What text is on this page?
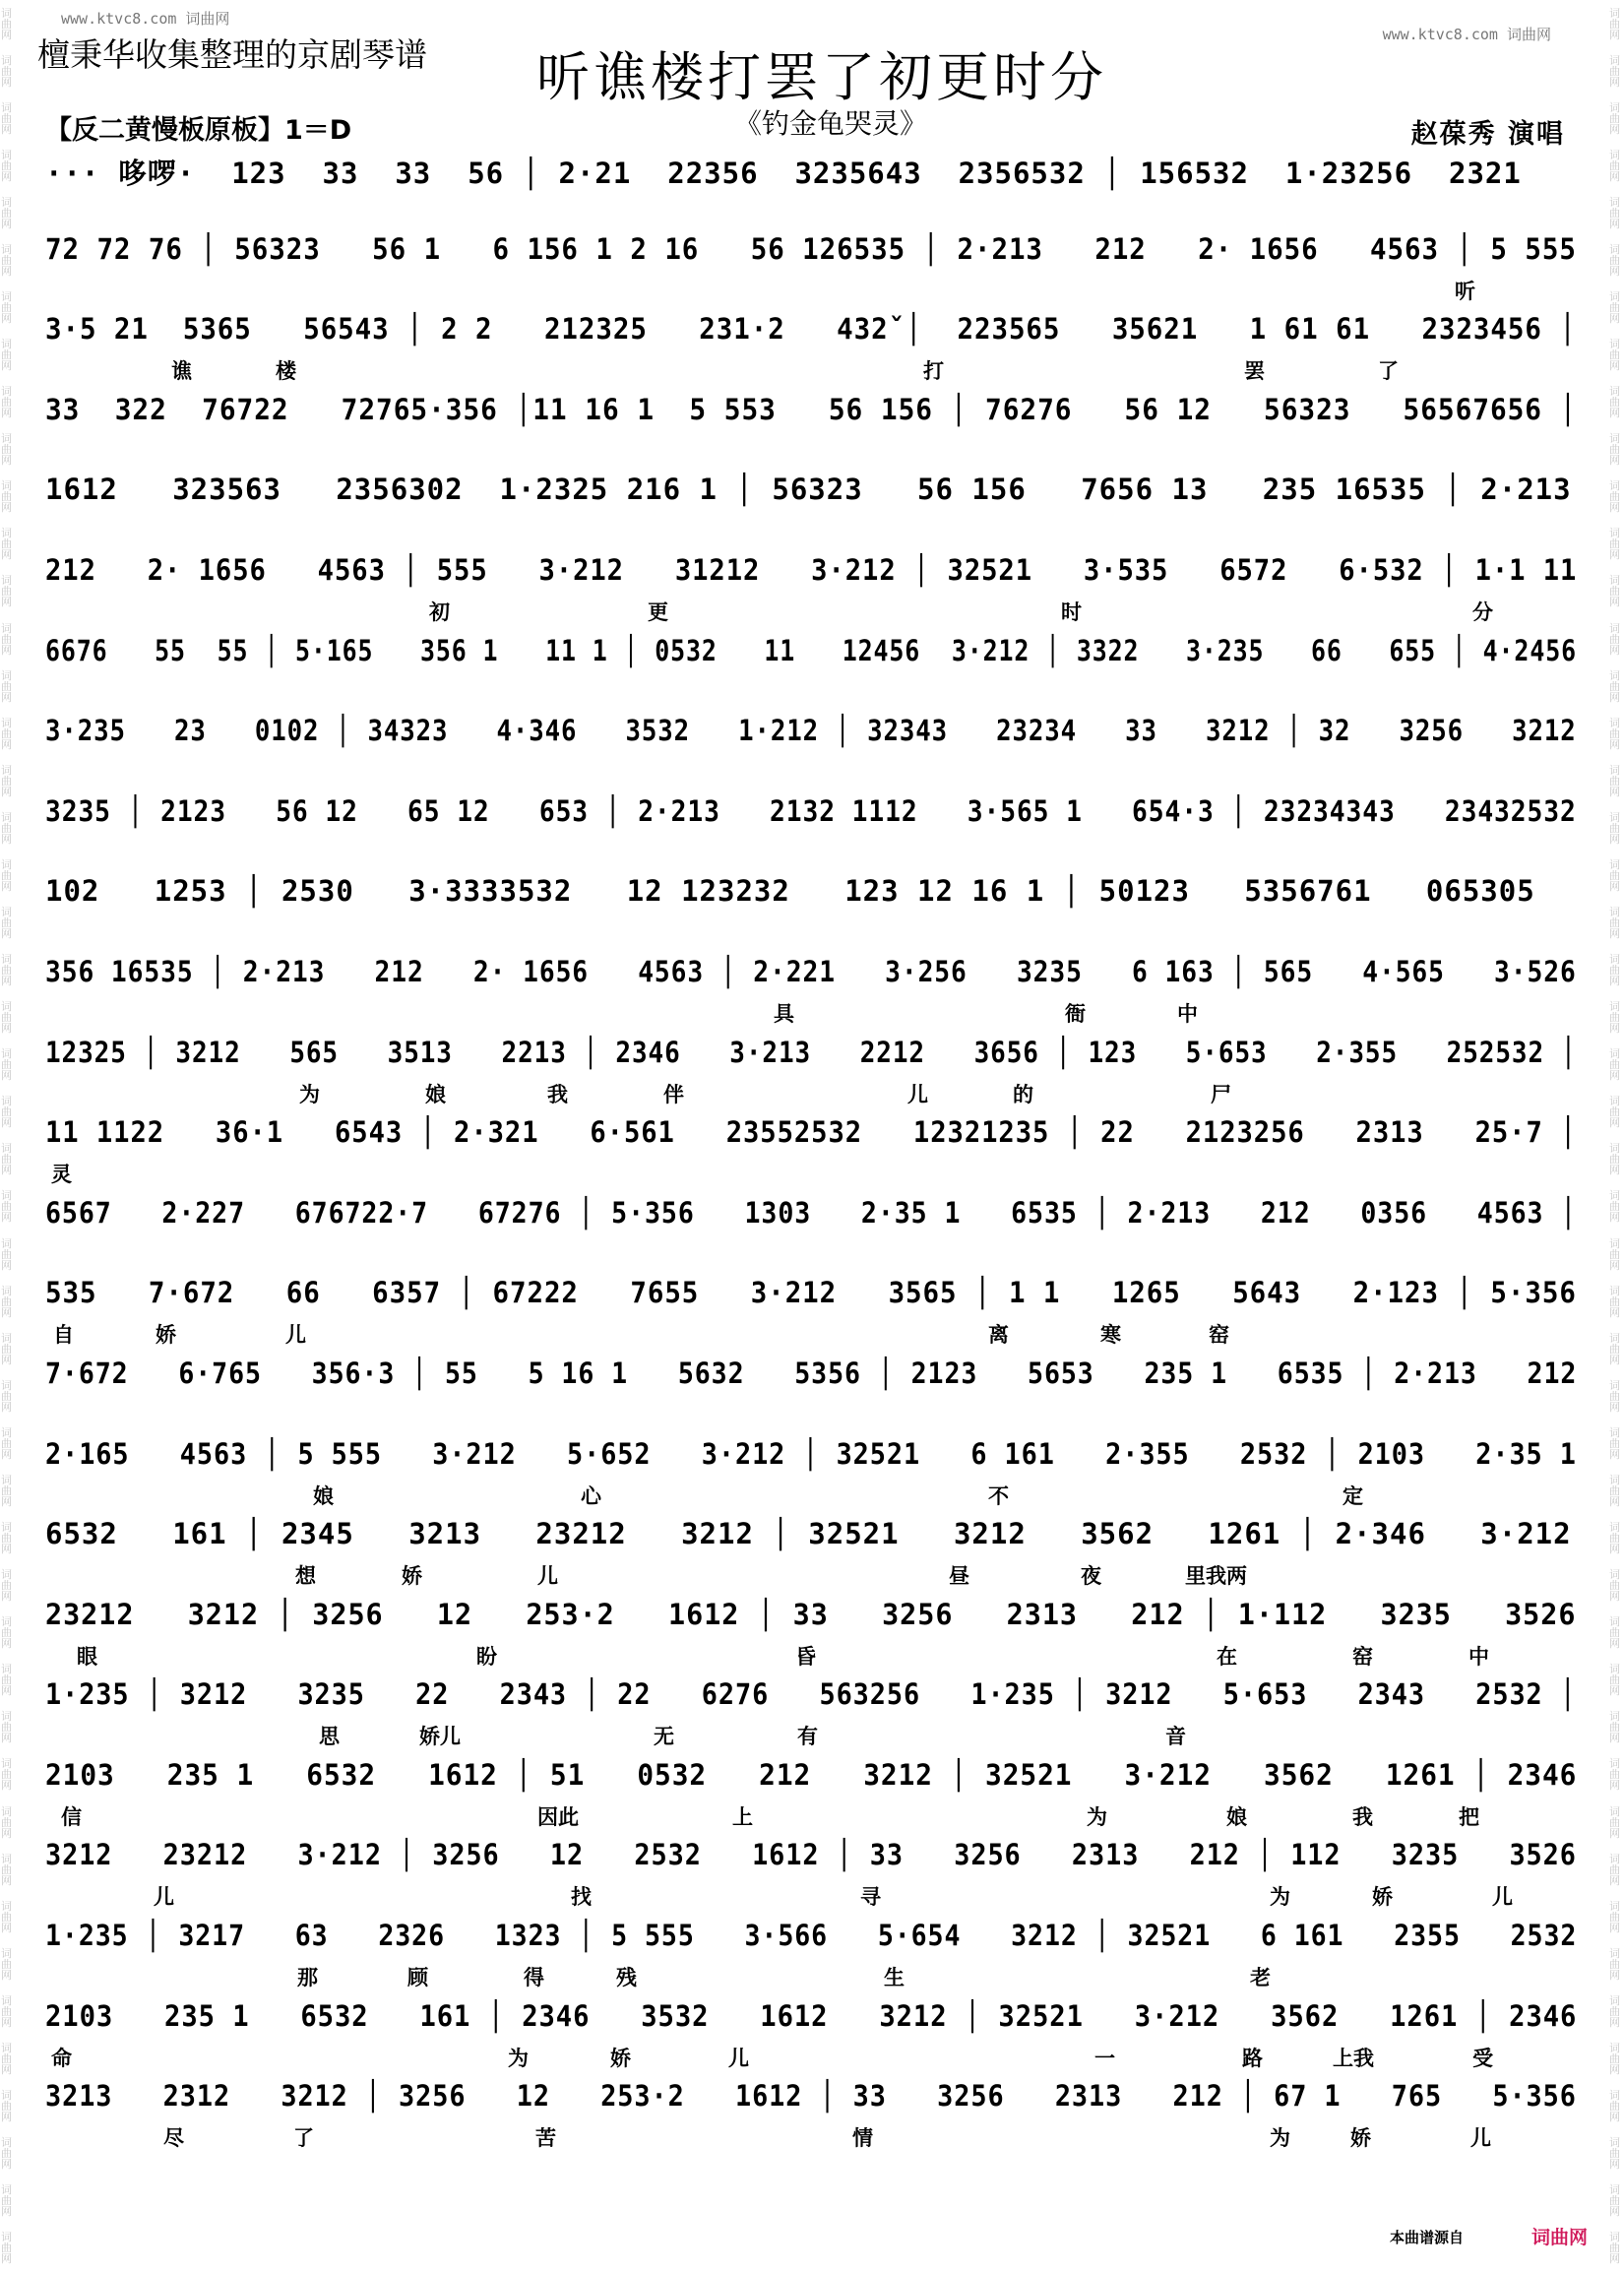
词曲网
词曲网
词曲网
词曲网
词曲网
词曲网
词曲网
词曲网
词曲网
词曲网
词曲网
词曲网
词曲网
词曲网
词曲网
词曲网
词曲网
词曲网
词曲网
词曲网
词曲网
词曲网
词曲网
词曲网
词曲网
词曲网
词曲网
词曲网
词曲网
词曲网
词曲网
词曲网
词曲网
词曲网
词曲网
词曲网
词曲网
词曲网
词曲网
词曲网
词曲网
词曲网
词曲网
词曲网
词曲网
词曲网
词曲网
词曲网
词曲网
词曲网
词曲网
词曲网
词曲网
词曲网
词曲网
词曲网
词曲网
词曲网
词曲网
词曲网
词曲网
词曲网
词曲网
词曲网
词曲网
词曲网
词曲网
词曲网
词曲网
词曲网
词曲网
词曲网
词曲网
词曲网
词曲网
词曲网
词曲网
词曲网
词曲网
词曲网
词曲网
词曲网
词曲网
词曲网
词曲网
词曲网
词曲网
词曲网
词曲网
词曲网
词曲网
词曲网
词曲网
词曲网
词曲网
词曲网
www.ktvc8.com 词曲网
www.ktvc8.com 词曲网
檀秉华收集整理的京剧琴谱 听谯楼打罢了初更时分
【反二黄慢板原板】1＝D	《钓金龟哭灵》	赵葆秀 演唱
··· 哆啰·  123  33  33  56 │ 2·21  22356  3235643  2356532 │ 156532  1·23256  2321
72 72 76 │ 56323   56 1   6 156 1 2 16   56 126535 │ 2·213   212   2· 1656   4563 │ 5 555
听
3·5 21  5365   56543 │ 2 2   212325   231·2   432ˇ│  223565   35621   1 61 61   2323456 │
谯	楼	打	罢	了
33  322  76722   72765·356 │11 16 1  5 553   56 156 │ 76276   56 12   56323   56567656 │
1612   323563   2356302  1·2325 216 1 │ 56323   56 156   7656 13   235 16535 │ 2·213
212   2· 1656   4563 │ 555   3·212   31212   3·212 │ 32521   3·535   6572   6·532 │ 1·1 11
初	更	时	分
6676   55  55 │ 5·165   356 1   11 1 │ 0532   11   12456  3·212 │ 3322   3·235   66   655 │ 4·2456
3·235   23   0102 │ 34323   4·346   3532   1·212 │ 32343   23234   33   3212 │ 32   3256   3212
3235 │ 2123   56 12   65 12   653 │ 2·213   2132 1112   3·565 1   654·3 │ 23234343   23432532
102   1253 │ 2530   3·3333532   12 123232   123 12 16 1 │ 50123   5356761   065305
356 16535 │ 2·213   212   2· 1656   4563 │ 2·221   3·256   3235   6 163 │ 565   4·565   3·526
具	衙	中
12325 │ 3212   565   3513   2213 │ 2346   3·213   2212   3656 │ 123   5·653   2·355   252532 │
为	娘	我	伴	儿	的	尸
11 1122   36·1   6543 │ 2·321   6·561   23552532   12321235 │ 22   2123256   2313   25·7 │
灵
6567   2·227   676722·7   67276 │ 5·356   1303   2·35 1   6535 │ 2·213   212   0356   4563 │
535   7·672   66   6357 │ 67222   7655   3·212   3565 │ 1 1   1265   5643   2·123 │ 5·356
自	娇	儿	离	寒	窑
7·672   6·765   356·3 │ 55   5 16 1   5632   5356 │ 2123   5653   235 1   6535 │ 2·213   212
2·165   4563 │ 5 555   3·212   5·652   3·212 │ 32521   6 161   2·355   2532 │ 2103   2·35 1
娘	心	不	定
6532   161 │ 2345   3213   23212   3212 │ 32521   3212   3562   1261 │ 2·346   3·212
想	娇	儿	昼	夜	里我两
23212   3212 │ 3256   12   253·2   1612 │ 33   3256   2313   212 │ 1·112   3235   3526
眼	盼	昏	在	窑	中
1·235 │ 3212   3235   22   2343 │ 22   6276   563256   1·235 │ 3212   5·653   2343   2532 │
思	娇儿	无	有	音
2103   235 1   6532   1612 │ 51   0532   212   3212 │ 32521   3·212   3562   1261 │ 2346
信	因此	上	为	娘	我	把
3212   23212   3·212 │ 3256   12   2532   1612 │ 33   3256   2313   212 │ 112   3235   3526
儿	找	寻	为	娇	儿
1·235 │ 3217   63   2326   1323 │ 5 555   3·566   5·654   3212 │ 32521   6 161   2355   2532
那	顾	得	残	生	老
2103   235 1   6532   161 │ 2346   3532   1612   3212 │ 32521   3·212   3562   1261 │ 2346
命	为	娇	儿	一	路	上我	受
3213   2312   3212 │ 3256   12   253·2   1612 │ 33   3256   2313   212 │ 67 1   765   5·356
尽	了	苦	情	为	娇	儿
本曲谱源自	词曲网
